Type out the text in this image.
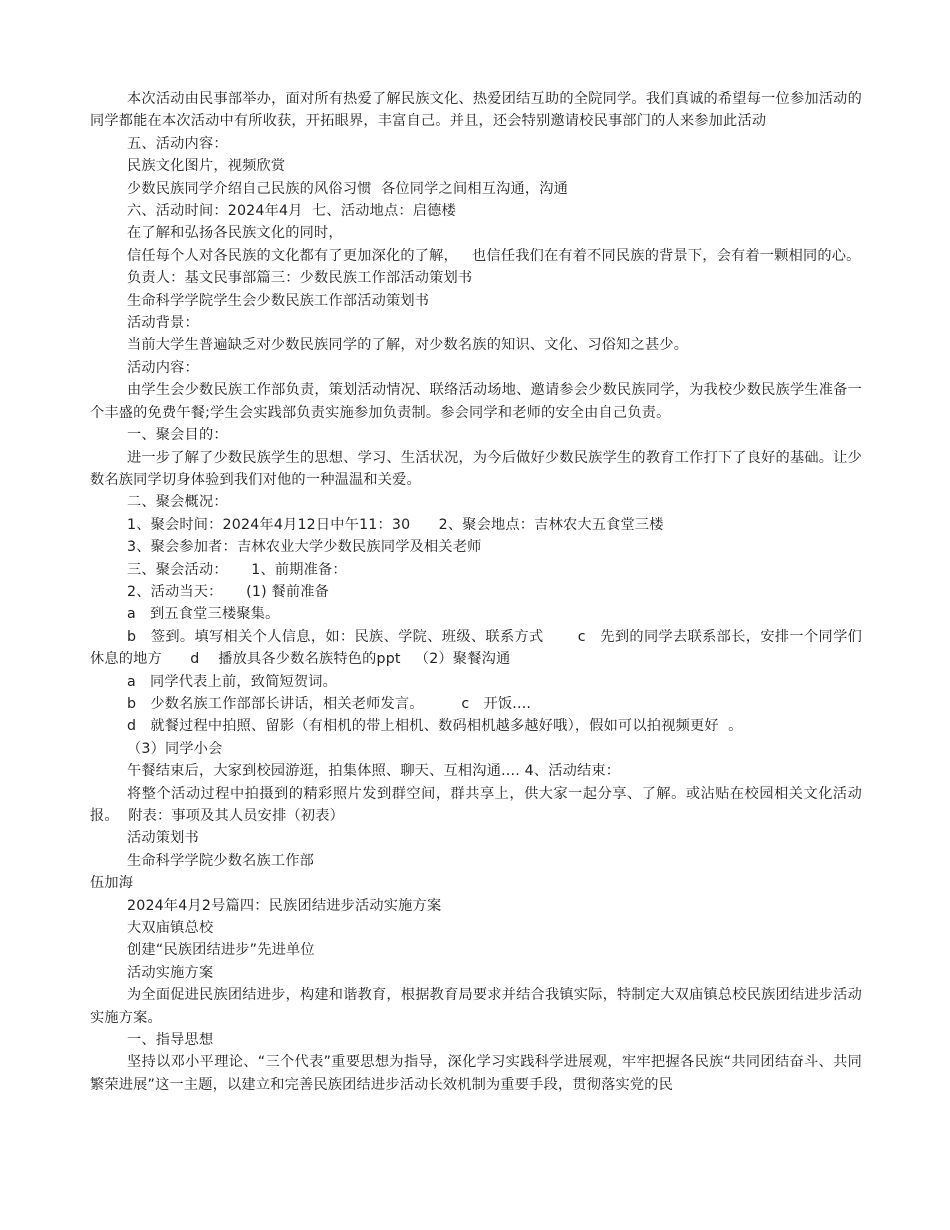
本次活动由民事部举办，面对所有热爱了解民族文化、热爱团结互助的全院同学。我们真诚的希望每一位参加活动的同学都能在本次活动中有所收获，开拓眼界，丰富自己。并且，还会特别邀请校民事部门的人来参加此活动

五、活动内容：

民族文化图片，视频欣赏

少数民族同学介绍自己民族的风俗习惯  各位同学之间相互沟通，沟通

六、活动时间：2024年4月  七、活动地点：启德楼

在了解和弘扬各民族文化的同时，

信任每个人对各民族的文化都有了更加深化的了解，   也信任我们在有着不同民族的背景下，会有着一颗相同的心。

负责人：基文民事部篇三：少数民族工作部活动策划书

生命科学学院学生会少数民族工作部活动策划书

活动背景：

当前大学生普遍缺乏对少数民族同学的了解，对少数名族的知识、文化、习俗知之甚少。

活动内容：

由学生会少数民族工作部负责，策划活动情况、联络活动场地、邀请参会少数民族同学，为我校少数民族学生准备一个丰盛的免费午餐;学生会实践部负责实施参加负责制。参会同学和老师的安全由自己负责。

一、聚会目的：

进一步了解了少数民族学生的思想、学习、生活状况，为今后做好少数民族学生的教育工作打下了良好的基础。让少数名族同学切身体验到我们对他的一种温温和关爱。

二、聚会概况：

1、聚会时间：2024年4月12日中午11：30      2、聚会地点：吉林农大五食堂三楼

3、聚会参加者：吉林农业大学少数民族同学及相关老师

三、聚会活动：     1、前期准备：

2、活动当天：     (1) 餐前准备

a   到五食堂三楼聚集。

b   签到。填写相关个人信息，如：民族、学院、班级、联系方式       c   先到的同学去联系部长，安排一个同学们休息的地方      d    播放具各少数名族特色的ppt   （2）聚餐沟通

a   同学代表上前，致简短贺词。

b   少数名族工作部部长讲话，相关老师发言。        c   开饭....

d   就餐过程中拍照、留影（有相机的带上相机、数码相机越多越好哦），假如可以拍视频更好  。

（3）同学小会

午餐结束后，大家到校园游逛，拍集体照、聊天、互相沟通.... 4、活动结束：

将整个活动过程中拍摄到的精彩照片发到群空间，群共享上，供大家一起分享、了解。或沾贴在校园相关文化活动报。  附表：事项及其人员安排（初表）

活动策划书

生命科学学院少数名族工作部

伍加海

2024年4月2号篇四：民族团结进步活动实施方案

大双庙镇总校

创建“民族团结进步”先进单位

活动实施方案

为全面促进民族团结进步，构建和谐教育，根据教育局要求并结合我镇实际，特制定大双庙镇总校民族团结进步活动实施方案。

一、指导思想

坚持以邓小平理论、“三个代表”重要思想为指导，深化学习实践科学进展观，牢牢把握各民族“共同团结奋斗、共同繁荣进展”这一主题，以建立和完善民族团结进步活动长效机制为重要手段，贯彻落实党的民
